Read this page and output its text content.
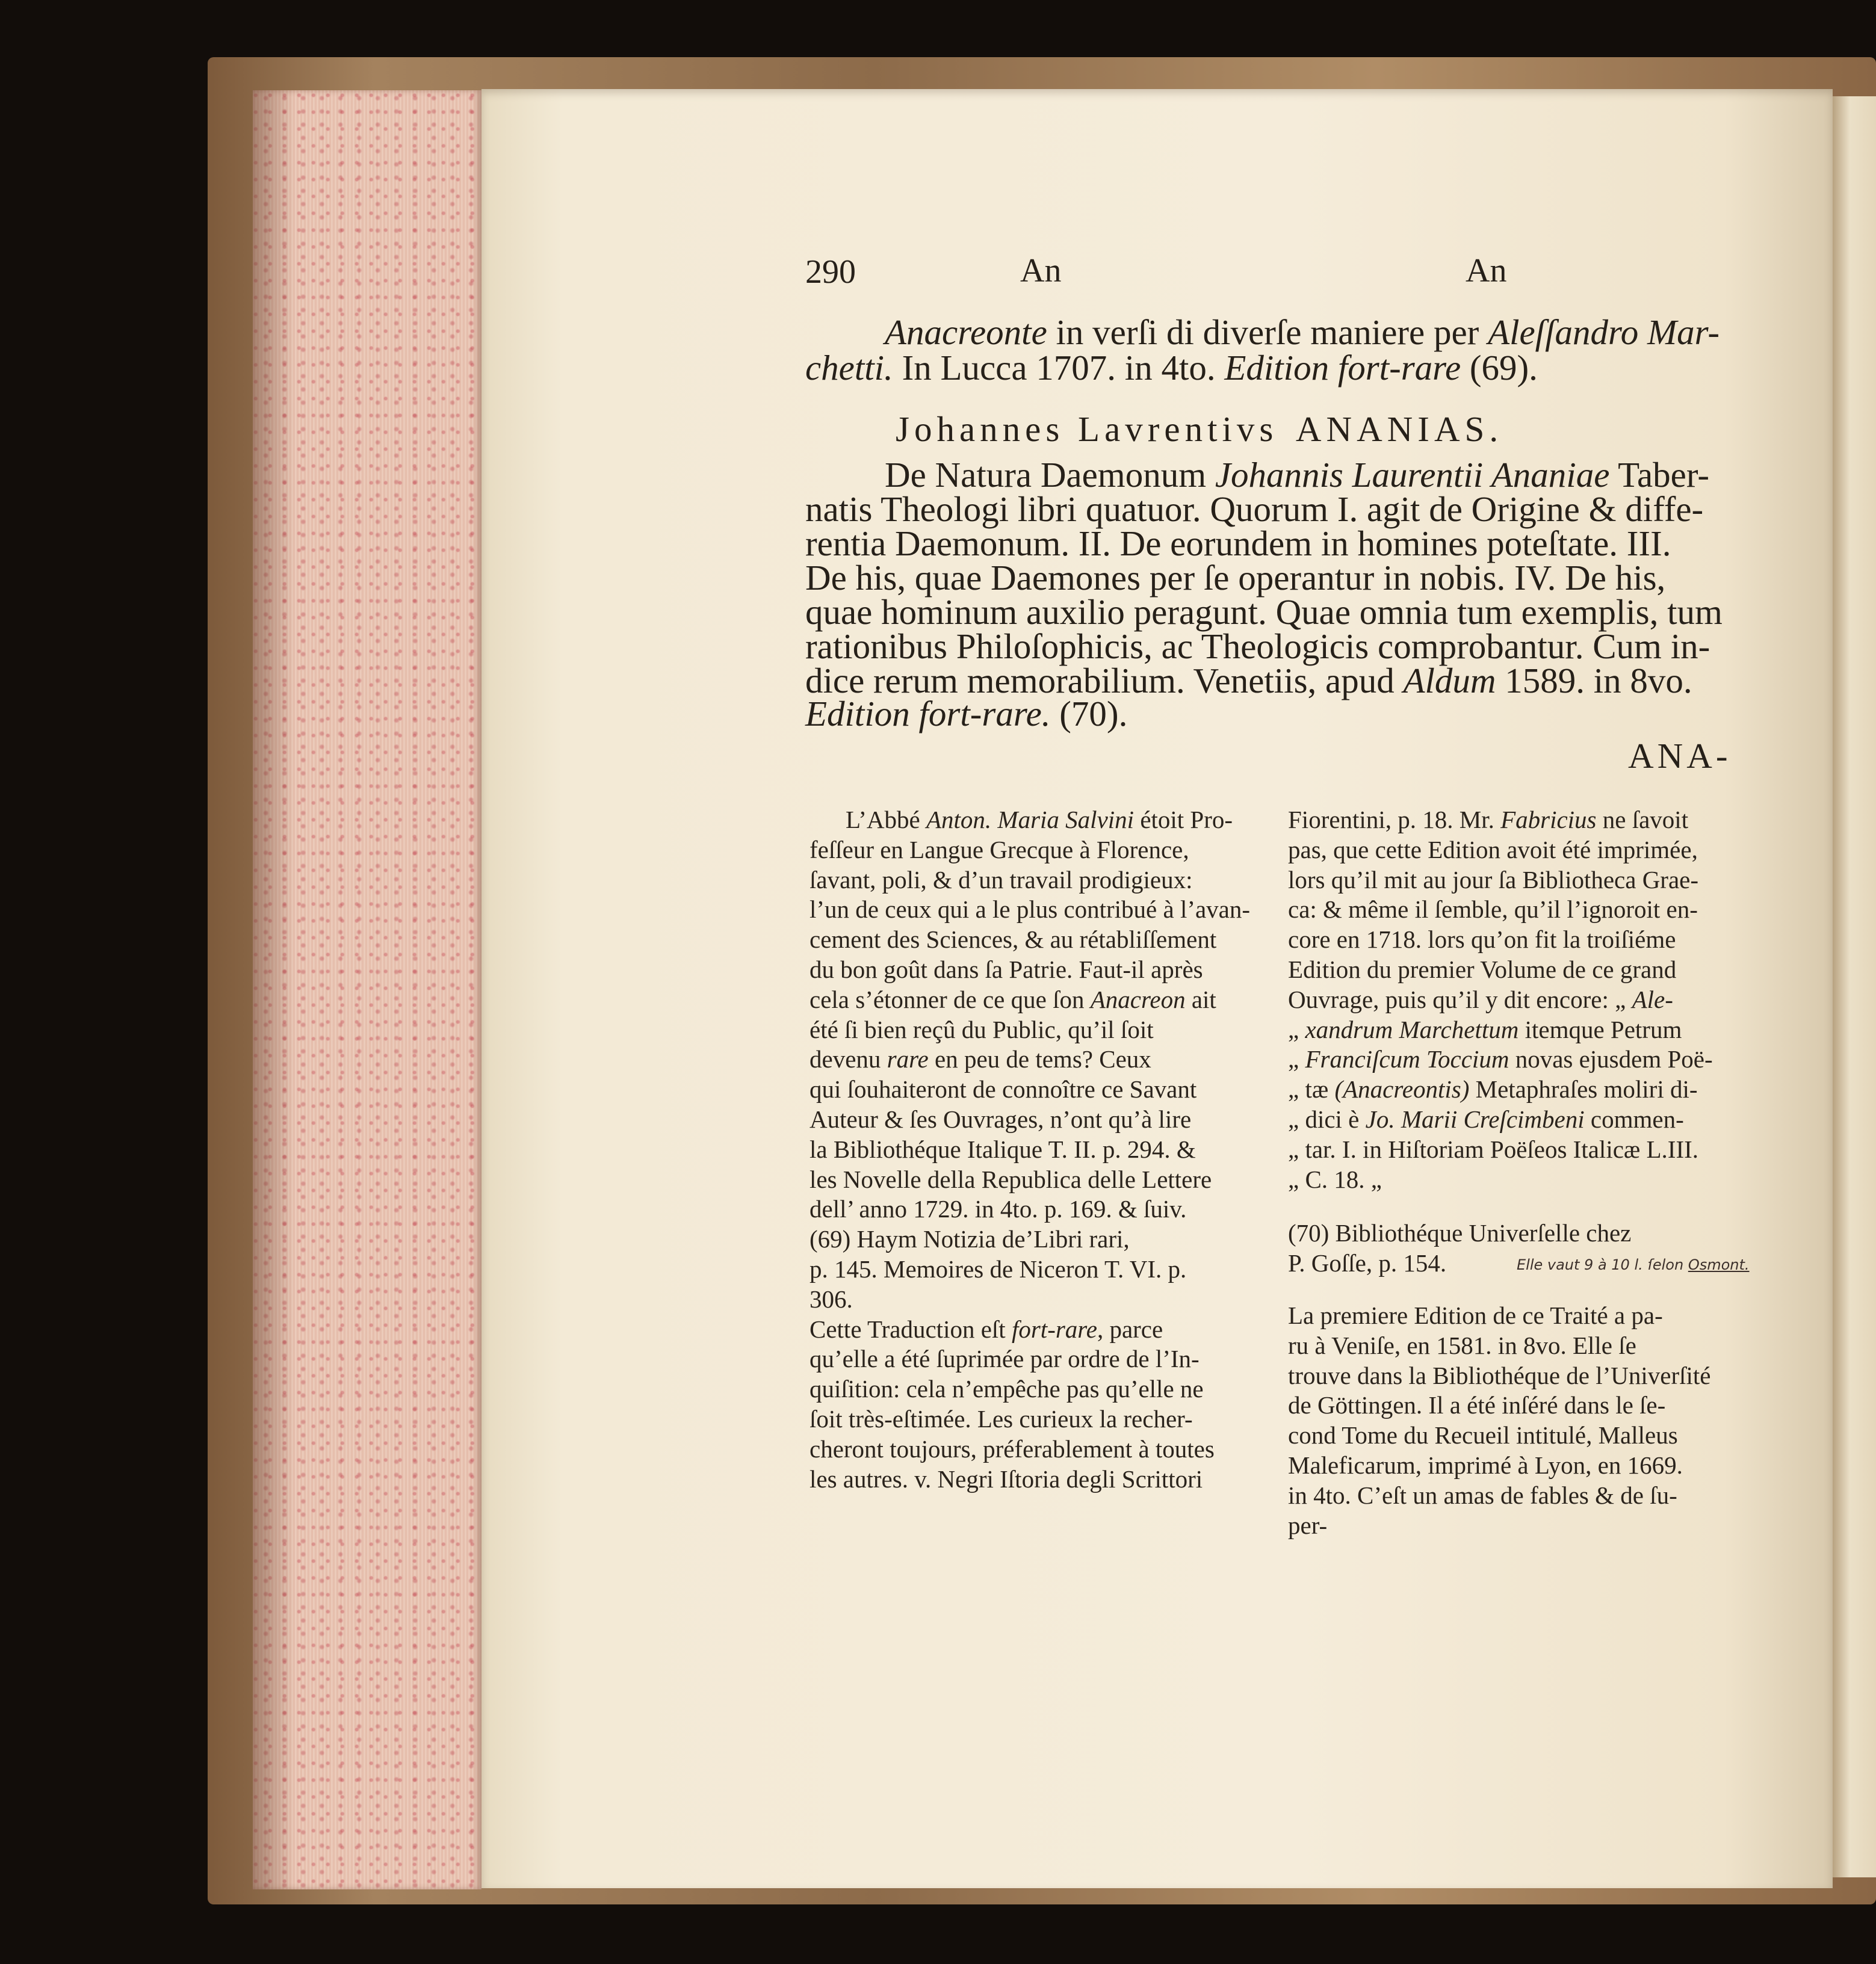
290	An	An
Anacreonte in verſi di diverſe maniere per Aleſſandro Mar-
chetti. In Lucca 1707. in 4to. Edition fort-rare (69).
Johannes Lavrentivs ANANIAS.
De Natura Daemonum Johannis Laurentii Ananiae Taber-
natis Theologi libri quatuor. Quorum I. agit de Origine & diffe-
rentia Daemonum. II. De eorundem in homines poteſtate. III.
De his, quae Daemones per ſe operantur in nobis. IV. De his,
quae hominum auxilio peragunt. Quae omnia tum exemplis, tum
rationibus Philoſophicis, ac Theologicis comprobantur. Cum in-
dice rerum memorabilium. Venetiis, apud Aldum 1589. in 8vo.
Edition fort-rare. (70).
ANA-
L’Abbé Anton. Maria Salvini étoit Pro-
feſſeur en Langue Grecque à Florence,
ſavant, poli, & d’un travail prodigieux:
l’un de ceux qui a le plus contribué à l’avan-
cement des Sciences, & au rétabliſſement
du bon goût dans ſa Patrie. Faut-il après
cela s’étonner de ce que ſon Anacreon ait
été ſi bien reçû du Public, qu’il ſoit
devenu rare en peu de tems? Ceux
qui ſouhaiteront de connoître ce Savant
Auteur & ſes Ouvrages, n’ont qu’à lire
la Bibliothéque Italique T. II. p. 294. &
les Novelle della Republica delle Lettere
dell’ anno 1729. in 4to. p. 169. & ſuiv.
(69) Haym Notizia de’Libri rari,
p. 145. Memoires de Niceron T. VI. p.
306.
Cette Traduction eſt fort-rare, parce
qu’elle a été ſuprimée par ordre de l’In-
quiſition: cela n’empêche pas qu’elle ne
ſoit très-eſtimée. Les curieux la recher-
cheront toujours, préferablement à toutes
les autres. v. Negri Iſtoria degli Scrittori
Fiorentini, p. 18. Mr. Fabricius ne ſavoit
pas, que cette Edition avoit été imprimée,
lors qu’il mit au jour ſa Bibliotheca Grae-
ca: & même il ſemble, qu’il l’ignoroit en-
core en 1718. lors qu’on fit la troiſiéme
Edition du premier Volume de ce grand
Ouvrage, puis qu’il y dit encore: „ Ale-
„ xandrum Marchettum itemque Petrum
„ Franciſcum Toccium novas ejusdem Poë-
„ tæ (Anacreontis) Metaphraſes moliri di-
„ dici è Jo. Marii Creſcimbeni commen-
„ tar. I. in Hiſtoriam Poëſeos Italicæ L.III.
„ C. 18. „
(70) Bibliothéque Univerſelle chez
P. Goſſe, p. 154.	Elle vaut 9 à 10 l. ſelon Osmont.
La premiere Edition de ce Traité a pa-
ru à Veniſe, en 1581. in 8vo. Elle ſe
trouve dans la Bibliothéque de l’Univerſité
de Göttingen. Il a été inſéré dans le ſe-
cond Tome du Recueil intitulé, Malleus
Maleficarum, imprimé à Lyon, en 1669.
in 4to. C’eſt un amas de fables & de ſu-
per-
